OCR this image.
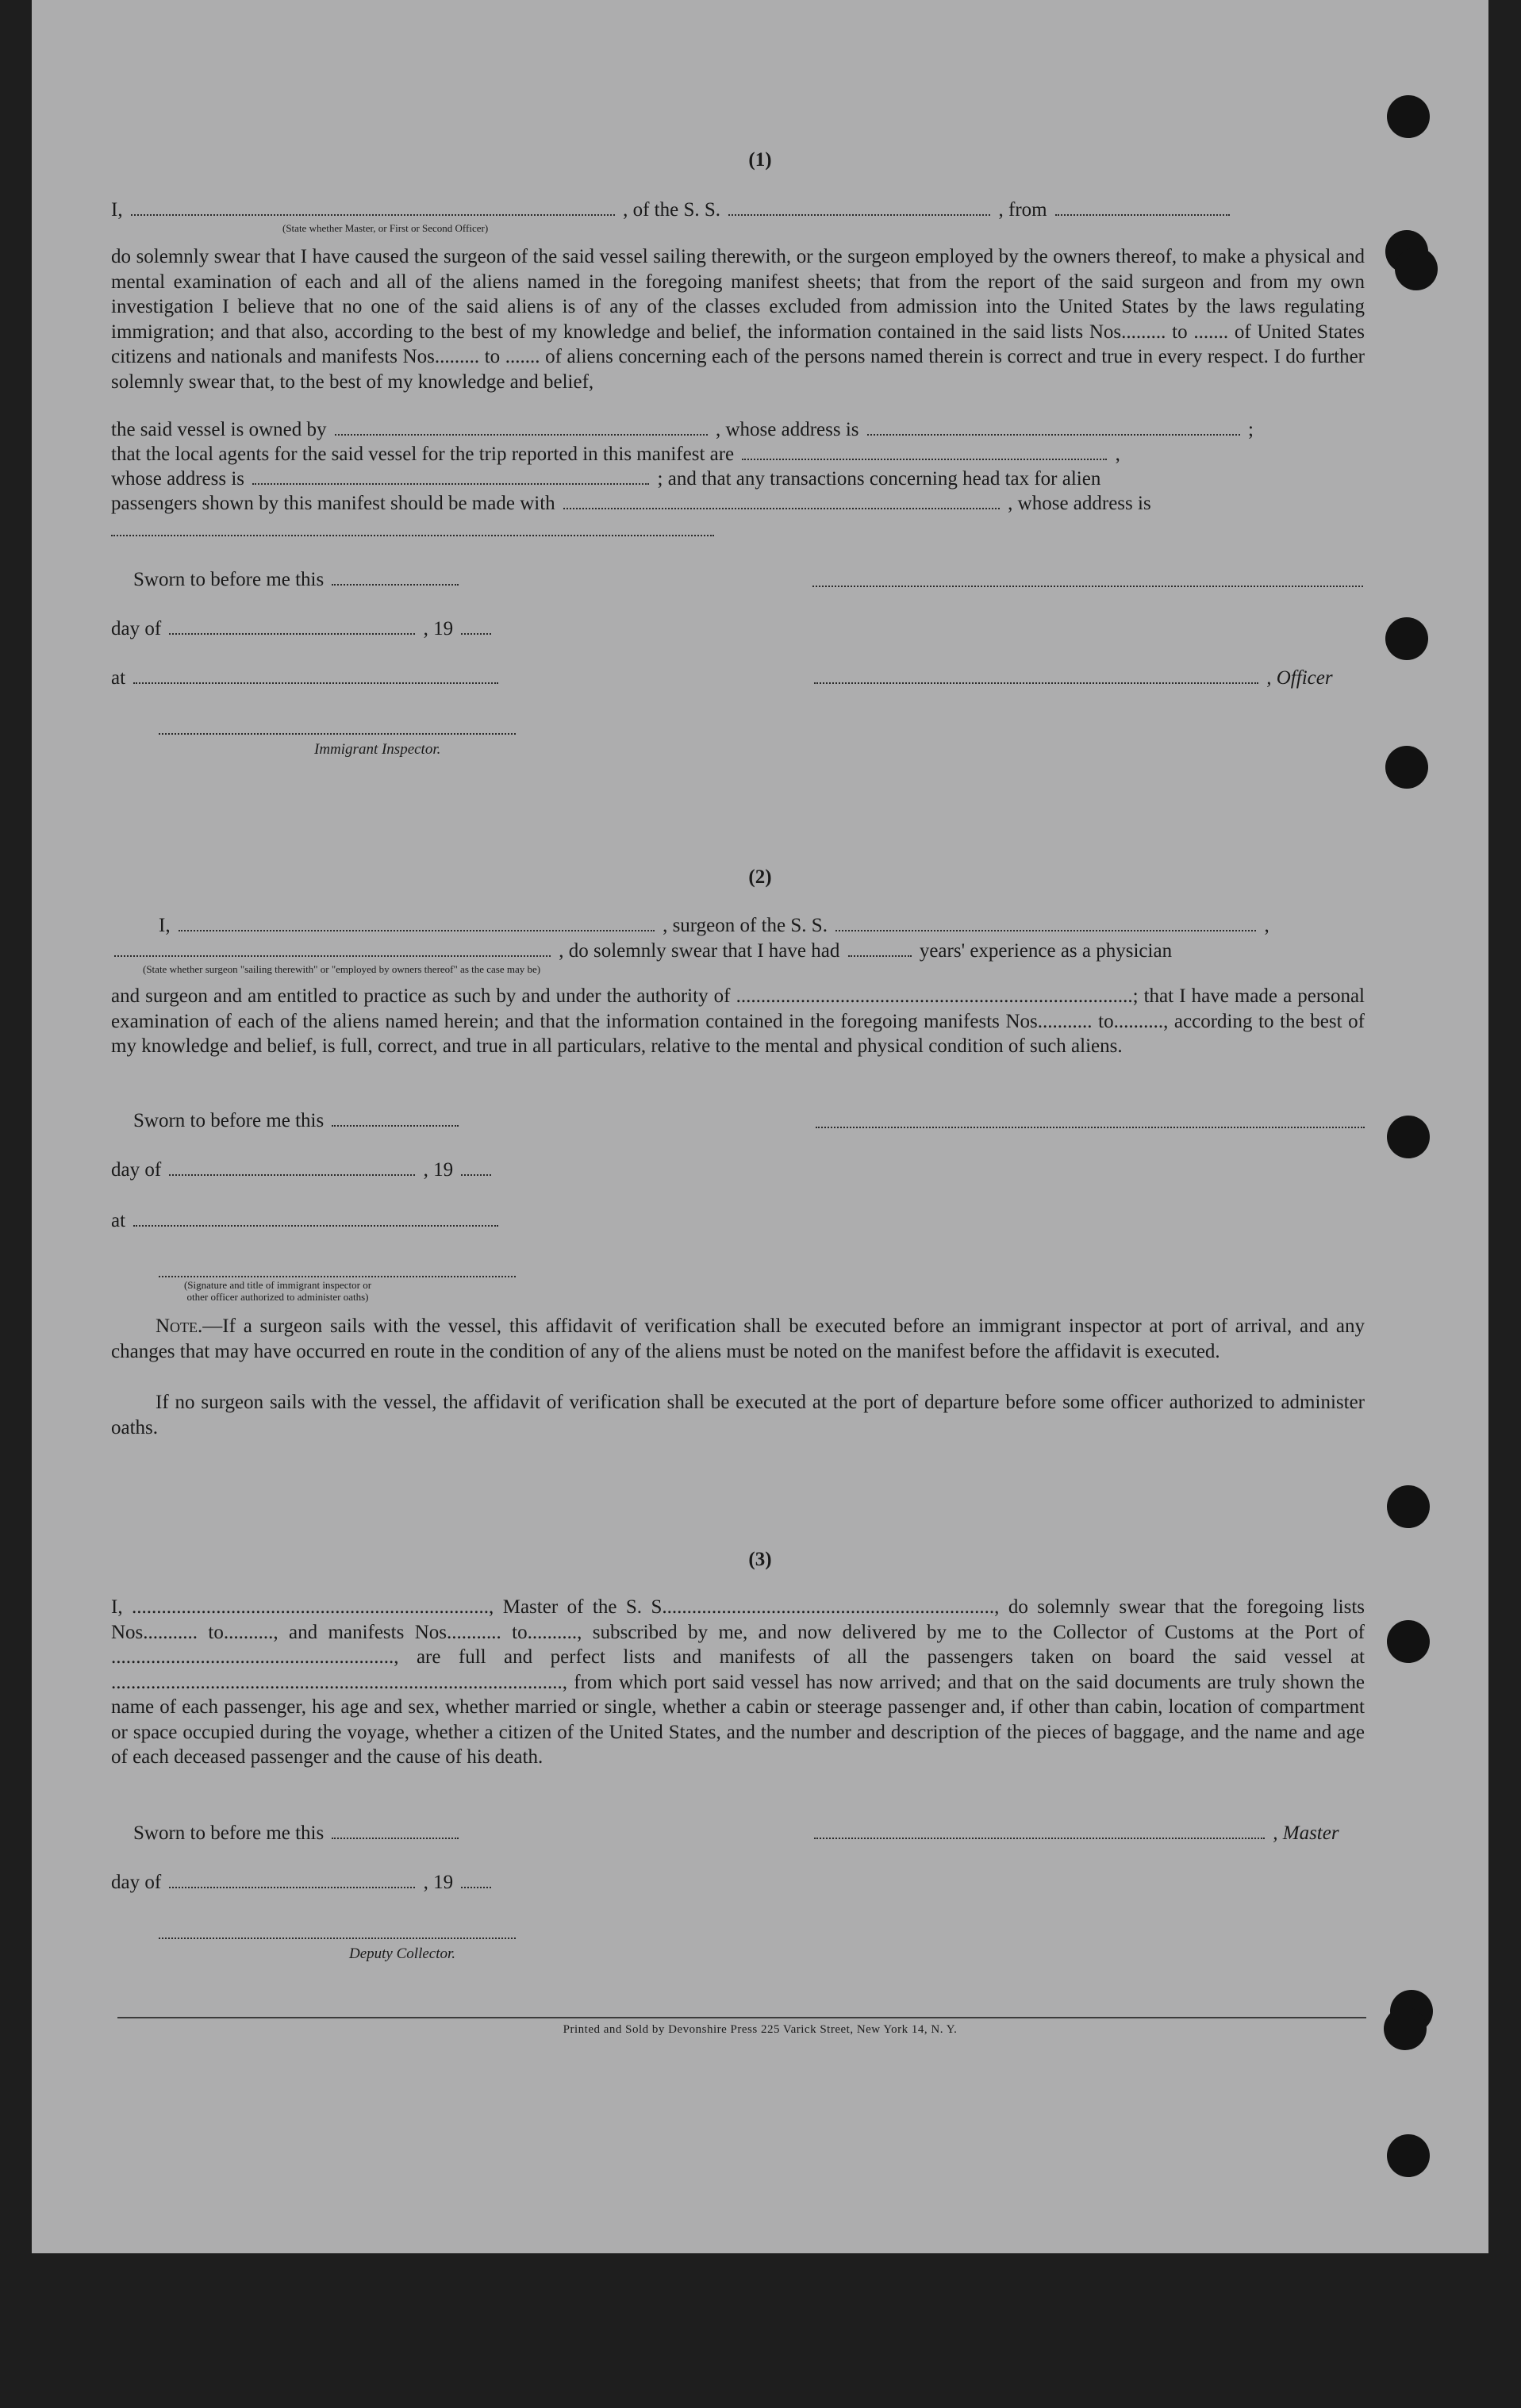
(1)
I,	, of the S. S.	, from
(State whether Master, or First or Second Officer)
do solemnly swear that I have caused the surgeon of the said vessel sailing therewith, or the surgeon employed by the owners thereof, to make a physical and mental examination of each and all of the aliens named in the foregoing manifest sheets; that from the report of the said surgeon and from my own investigation I believe that no one of the said aliens is of any of the classes excluded from admission into the United States by the laws regulating immigration; and that also, according to the best of my knowledge and belief, the information contained in the said lists Nos......... to ....... of United States citizens and nationals and manifests Nos......... to ....... of aliens concerning each of the persons named therein is correct and true in every respect. I do further solemnly swear that, to the best of my knowledge and belief,
the said vessel is owned by	, whose address is	;
that the local agents for the said vessel for the trip reported in this manifest are	,
whose address is	; and that any transactions concerning head tax for alien
passengers shown by this manifest should be made with	, whose address is
Sworn to before me this
day of	, 19
at	, Officer
Immigrant Inspector.
(2)
I,	, surgeon of the S. S.	,
, do solemnly swear that I have had	years' experience as a physician
(State whether surgeon "sailing therewith" or "employed by owners thereof" as the case may be)
and surgeon and am entitled to practice as such by and under the authority of ................................................................................; that I have made a personal examination of each of the aliens named herein; and that the information contained in the foregoing manifests Nos........... to.........., according to the best of my knowledge and belief, is full, correct, and true in all particulars, relative to the mental and physical condition of such aliens.
Sworn to before me this
day of	, 19
at
(Signature and title of immigrant inspector or other officer authorized to administer oaths)
Note.—If a surgeon sails with the vessel, this affidavit of verification shall be executed before an immigrant inspector at port of arrival, and any changes that may have occurred en route in the condition of any of the aliens must be noted on the manifest before the affidavit is executed.
If no surgeon sails with the vessel, the affidavit of verification shall be executed at the port of departure before some officer authorized to administer oaths.
(3)
I, ........................................................................, Master of the S. S..................................................................., do solemnly swear that the foregoing lists Nos........... to.........., and manifests Nos........... to.........., subscribed by me, and now delivered by me to the Collector of Customs at the Port of ........................................................., are full and perfect lists and manifests of all the passengers taken on board the said vessel at ..........................................................................................., from which port said vessel has now arrived; and that on the said documents are truly shown the name of each passenger, his age and sex, whether married or single, whether a cabin or steerage passenger and, if other than cabin, location of compartment or space occupied during the voyage, whether a citizen of the United States, and the number and description of the pieces of baggage, and the name and age of each deceased passenger and the cause of his death.
Sworn to before me this	, Master
day of	, 19
Deputy Collector.
Printed and Sold by Devonshire Press 225 Varick Street, New York 14, N. Y.
